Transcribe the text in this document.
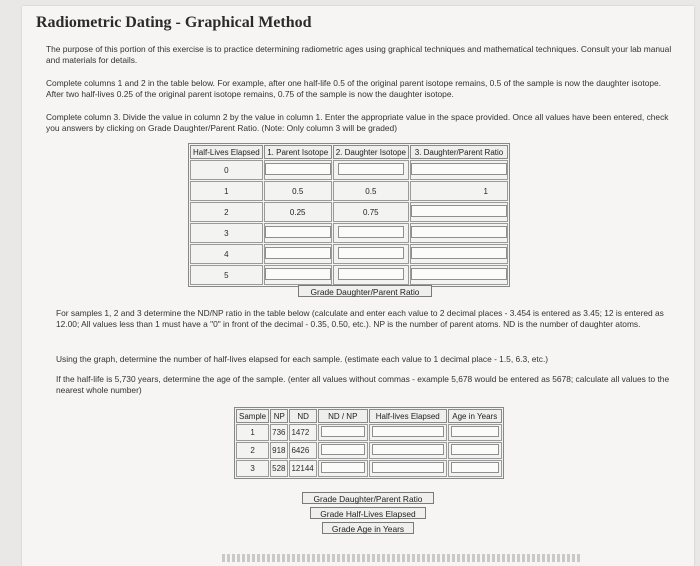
Radiometric Dating - Graphical Method
The purpose of this portion of this exercise is to practice determining radiometric ages using graphical techniques and mathematical techniques. Consult your lab manual and materials for details.
Complete columns 1 and 2 in the table below. For example, after one half-life 0.5 of the original parent isotope remains, 0.5 of the sample is now the daughter isotope. After two half-lives 0.25 of the original parent isotope remains, 0.75 of the sample is now the daughter isotope.
Complete column 3. Divide the value in column 2 by the value in column 1. Enter the appropriate value in the space provided. Once all values have been entered, check you answers by clicking on Grade Daughter/Parent Ratio. (Note: Only column 3 will be graded)
Half-Lives Elapsed	1. Parent Isotope	2. Daughter Isotope	3. Daughter/Parent Ratio
0			
1	0.5	0.5	1
2	0.25	0.75	
3			
4			
5			
Grade Daughter/Parent Ratio
For samples 1, 2 and 3 determine the ND/NP ratio in the table below (calculate and enter each value to 2 decimal places - 3.454 is entered as 3.45; 12 is entered as 12.00; All values less than 1 must have a "0" in front of the decimal - 0.35, 0.50, etc.). NP is the number of parent atoms. ND is the number of daughter atoms.
Using the graph, determine the number of half-lives elapsed for each sample. (estimate each value to 1 decimal place - 1.5, 6.3, etc.)
If the half-life is 5,730 years, determine the age of the sample. (enter all values without commas - example 5,678 would be entered as 5678; calculate all values to the nearest whole number)
Sample	NP	ND	ND / NP	Half-lives Elapsed	Age in Years
1	736	1472			
2	918	6426			
3	528	12144			
Grade Daughter/Parent Ratio
Grade Half-Lives Elapsed
Grade Age in Years
